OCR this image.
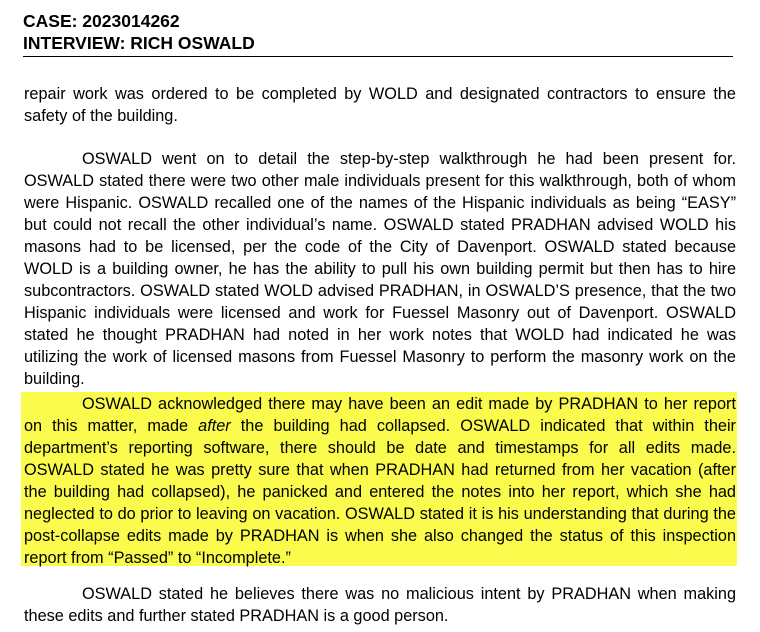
CASE: 2023014262
INTERVIEW: RICH OSWALD

repair work was ordered to be completed by WOLD and designated contractors to ensure the safety of the building.

OSWALD went on to detail the step-by-step walkthrough he had been present for. OSWALD stated there were two other male individuals present for this walkthrough, both of whom were Hispanic. OSWALD recalled one of the names of the Hispanic individuals as being “EASY” but could not recall the other individual’s name. OSWALD stated PRADHAN advised WOLD his masons had to be licensed, per the code of the City of Davenport. OSWALD stated because WOLD is a building owner, he has the ability to pull his own building permit but then has to hire subcontractors. OSWALD stated WOLD advised PRADHAN, in OSWALD’S presence, that the two Hispanic individuals were licensed and work for Fuessel Masonry out of Davenport. OSWALD stated he thought PRADHAN had noted in her work notes that WOLD had indicated he was utilizing the work of licensed masons from Fuessel Masonry to perform the masonry work on the building.

OSWALD acknowledged there may have been an edit made by PRADHAN to her report on this matter, made after the building had collapsed. OSWALD indicated that within their department’s reporting software, there should be date and timestamps for all edits made. OSWALD stated he was pretty sure that when PRADHAN had returned from her vacation (after the building had collapsed), he panicked and entered the notes into her report, which she had neglected to do prior to leaving on vacation. OSWALD stated it is his understanding that during the post-collapse edits made by PRADHAN is when she also changed the status of this inspection report from “Passed” to “Incomplete.”

OSWALD stated he believes there was no malicious intent by PRADHAN when making these edits and further stated PRADHAN is a good person.
